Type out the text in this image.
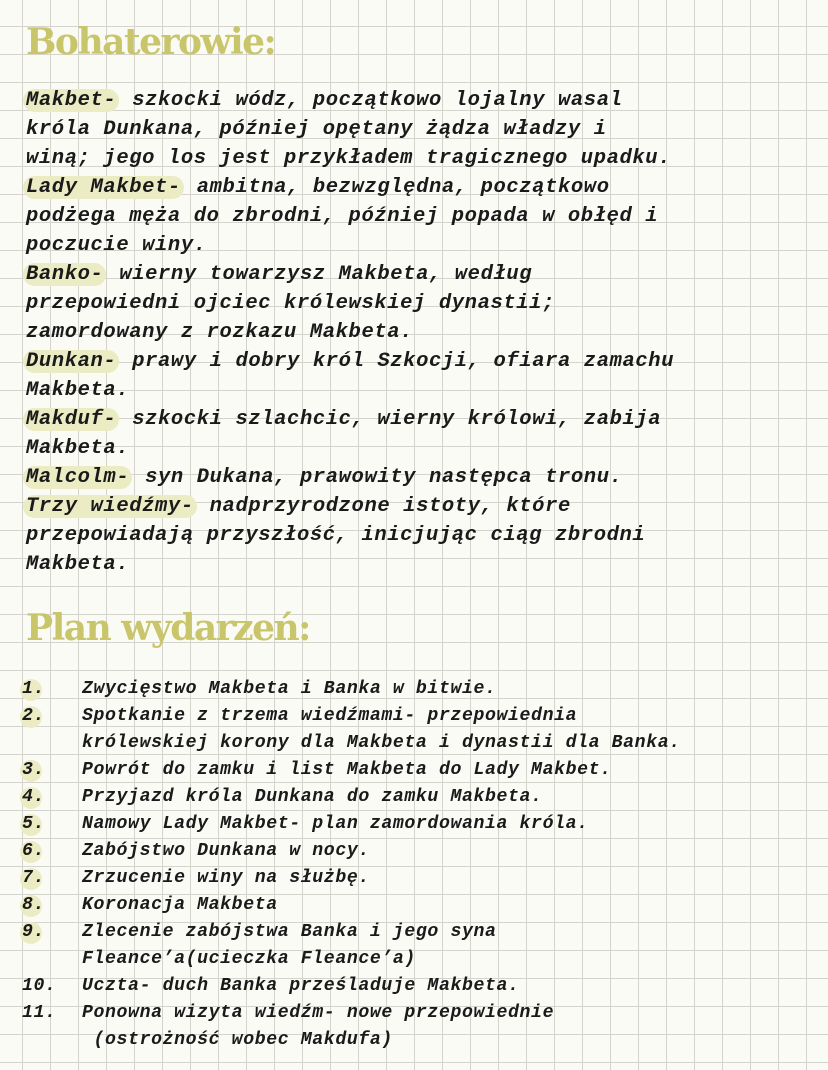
Bohaterowie:
Makbet- szkocki wódz, początkowo lojalny wasal
króla Dunkana, później opętany żądza władzy i
winą; jego los jest przykładem tragicznego upadku.
Lady Makbet- ambitna, bezwzględna, początkowo
podżega męża do zbrodni, później popada w obłęd i
poczucie winy.
Banko- wierny towarzysz Makbeta, według
przepowiedni ojciec królewskiej dynastii;
zamordowany z rozkazu Makbeta.
Dunkan- prawy i dobry król Szkocji, ofiara zamachu
Makbeta.
Makduf- szkocki szlachcic, wierny królowi, zabija
Makbeta.
Malcolm- syn Dukana, prawowity następca tronu.
Trzy wiedźmy- nadprzyrodzone istoty, które
przepowiadają przyszłość, inicjując ciąg zbrodni
Makbeta.
Plan wydarzeń:
1.	Zwycięstwo Makbeta i Banka w bitwie.
2.	Spotkanie z trzema wiedźmami- przepowiednia
królewskiej korony dla Makbeta i dynastii dla Banka.
3.	Powrót do zamku i list Makbeta do Lady Makbet.
4.	Przyjazd króla Dunkana do zamku Makbeta.
5.	Namowy Lady Makbet- plan zamordowania króla.
6.	Zabójstwo Dunkana w nocy.
7.	Zrzucenie winy na służbę.
8.	Koronacja Makbeta
9.	Zlecenie zabójstwa Banka i jego syna
Fleance’a(ucieczka Fleance’a)
10.	Uczta- duch Banka prześladuje Makbeta.
11.	Ponowna wizyta wiedźm- nowe przepowiednie
(ostrożność wobec Makdufa)
